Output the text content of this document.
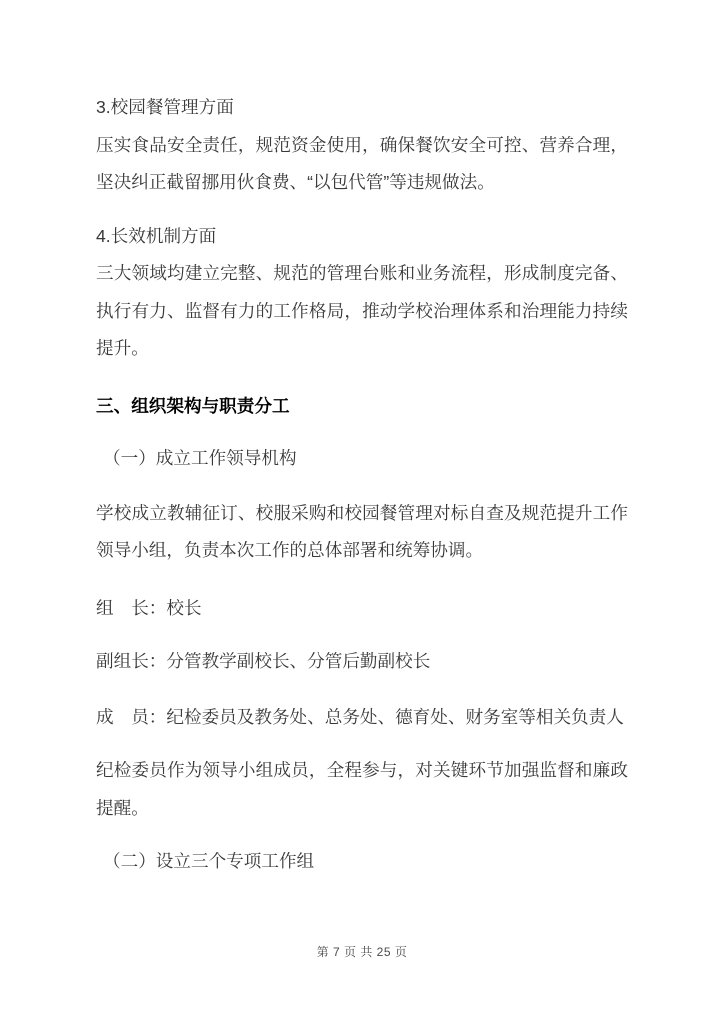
3.校园餐管理方面
压实食品安全责任，规范资金使用，确保餐饮安全可控、营养合理，坚决纠正截留挪用伙食费、“以包代管”等违规做法。
4.长效机制方面
三大领域均建立完整、规范的管理台账和业务流程，形成制度完备、执行有力、监督有力的工作格局，推动学校治理体系和治理能力持续提升。
三、组织架构与职责分工
（一）成立工作领导机构
学校成立教辅征订、校服采购和校园餐管理对标自查及规范提升工作领导小组，负责本次工作的总体部署和统筹协调。
组　长：校长
副组长：分管教学副校长、分管后勤副校长
成　员：纪检委员及教务处、总务处、德育处、财务室等相关负责人
纪检委员作为领导小组成员，全程参与，对关键环节加强监督和廉政提醒。
（二）设立三个专项工作组
第 7 页 共 25 页
